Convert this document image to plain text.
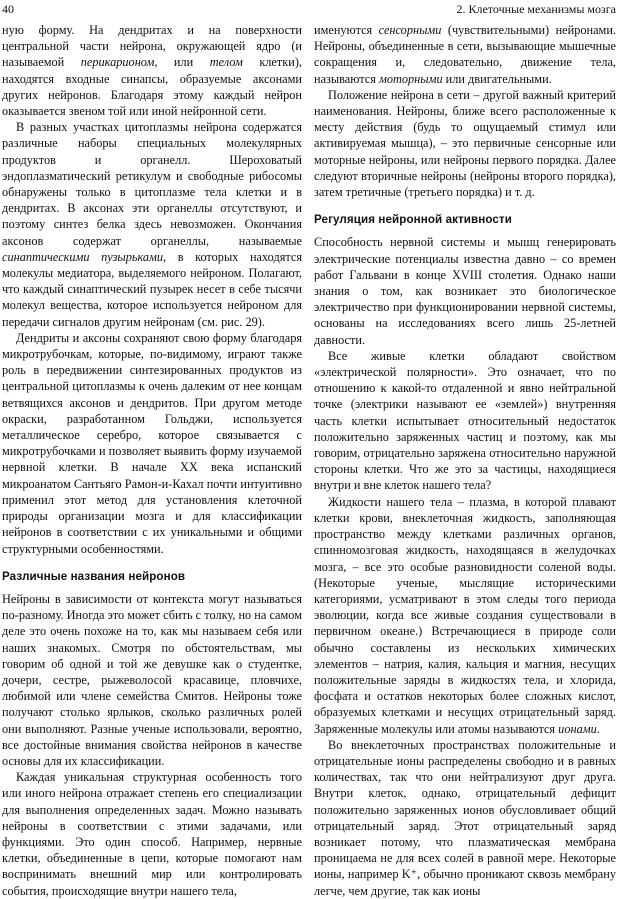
40	2. Клеточные механизмы мозга

ную форму. На дендритах и на поверхности центральной части нейрона, окружающей ядро (и называемой перикарионом, или телом клетки), находятся входные синапсы, образуемые аксонами других нейронов. Благодаря этому каждый нейрон оказывается звеном той или иной нейронной сети.

В разных участках цитоплазмы нейрона содержатся различные наборы специальных молекулярных продуктов и органелл. Шероховатый эндоплазматический ретикулум и свободные рибосомы обнаружены только в цитоплазме тела клетки и в дендритах. В аксонах эти органеллы отсутствуют, и поэтому синтез белка здесь невозможен. Окончания аксонов содержат органеллы, называемые синаптическими пузырьками, в которых находятся молекулы медиатора, выделяемого нейроном. Полагают, что каждый синаптический пузырек несет в себе тысячи молекул вещества, которое используется нейроном для передачи сигналов другим нейронам (см. рис. 29).

Дендриты и аксоны сохраняют свою форму благодаря микротрубочкам, которые, по-видимому, играют также роль в передвижении синтезированных продуктов из центральной цитоплазмы к очень далеким от нее концам ветвящихся аксонов и дендритов. При другом методе окраски, разработанном Гольджи, используется металлическое серебро, которое связывается с микротрубочками и позволяет выявить форму изучаемой нервной клетки. В начале XX века испанский микроанатом Сантьяго Рамон-и-Кахал почти интуитивно применил этот метод для установления клеточной природы организации мозга и для классификации нейронов в соответствии с их уникальными и общими структурными особенностями.

Различные названия нейронов

Нейроны в зависимости от контекста могут называться по-разному. Иногда это может сбить с толку, но на самом деле это очень похоже на то, как мы называем себя или наших знакомых. Смотря по обстоятельствам, мы говорим об одной и той же девушке как о студентке, дочери, сестре, рыжеволосой красавице, пловчихе, любимой или члене семейства Смитов. Нейроны тоже получают столько ярлыков, сколько различных ролей они выполняют. Разные ученые использовали, вероятно, все достойные внимания свойства нейронов в качестве основы для их классификации.

Каждая уникальная структурная особенность того или иного нейрона отражает степень его специализации для выполнения определенных задач. Можно называть нейроны в соответствии с этими задачами, или функциями. Это один способ. Например, нервные клетки, объединенные в цепи, которые помогают нам воспринимать внешний мир или контролировать события, происходящие внутри нашего тела,

именуются сенсорными (чувствительными) нейронами. Нейроны, объединенные в сети, вызывающие мышечные сокращения и, следовательно, движение тела, называются моторными или двигательными.

Положение нейрона в сети – другой важный критерий наименования. Нейроны, ближе всего расположенные к месту действия (будь то ощущаемый стимул или активируемая мышца), – это первичные сенсорные или моторные нейроны, или нейроны первого порядка. Далее следуют вторичные нейроны (нейроны второго порядка), затем третичные (третьего порядка) и т. д.

Регуляция нейронной активности

Способность нервной системы и мышц генерировать электрические потенциалы известна давно – со времен работ Гальвани в конце XVIII столетия. Однако наши знания о том, как возникает это биологическое электричество при функционировании нервной системы, основаны на исследованиях всего лишь 25-летней давности.

Все живые клетки обладают свойством «электрической полярности». Это означает, что по отношению к какой-то отдаленной и явно нейтральной точке (электрики называют ее «землей») внутренняя часть клетки испытывает относительный недостаток положительно заряженных частиц и поэтому, как мы говорим, отрицательно заряжена относительно наружной стороны клетки. Что же это за частицы, находящиеся внутри и вне клеток нашего тела?

Жидкости нашего тела – плазма, в которой плавают клетки крови, внеклеточная жидкость, заполняющая пространство между клетками различных органов, спинномозговая жидкость, находящаяся в желудочках мозга, – все это особые разновидности соленой воды. (Некоторые ученые, мыслящие историческими категориями, усматривают в этом следы того периода эволюции, когда все живые создания существовали в первичном океане.) Встречающиеся в природе соли обычно составлены из нескольких химических элементов – натрия, калия, кальция и магния, несущих положительные заряды в жидкостях тела, и хлорида, фосфата и остатков некоторых более сложных кислот, образуемых клетками и несущих отрицательный заряд. Заряженные молекулы или атомы называются ионами.

Во внеклеточных пространствах положительные и отрицательные ионы распределены свободно и в равных количествах, так что они нейтрализуют друг друга. Внутри клеток, однако, отрицательный дефицит положительно заряженных ионов обусловливает общий отрицательный заряд. Этот отрицательный заряд возникает потому, что плазматическая мембрана проницаема не для всех солей в равной мере. Некоторые ионы, например K⁺, обычно проникают сквозь мембрану легче, чем другие, так как ионы
